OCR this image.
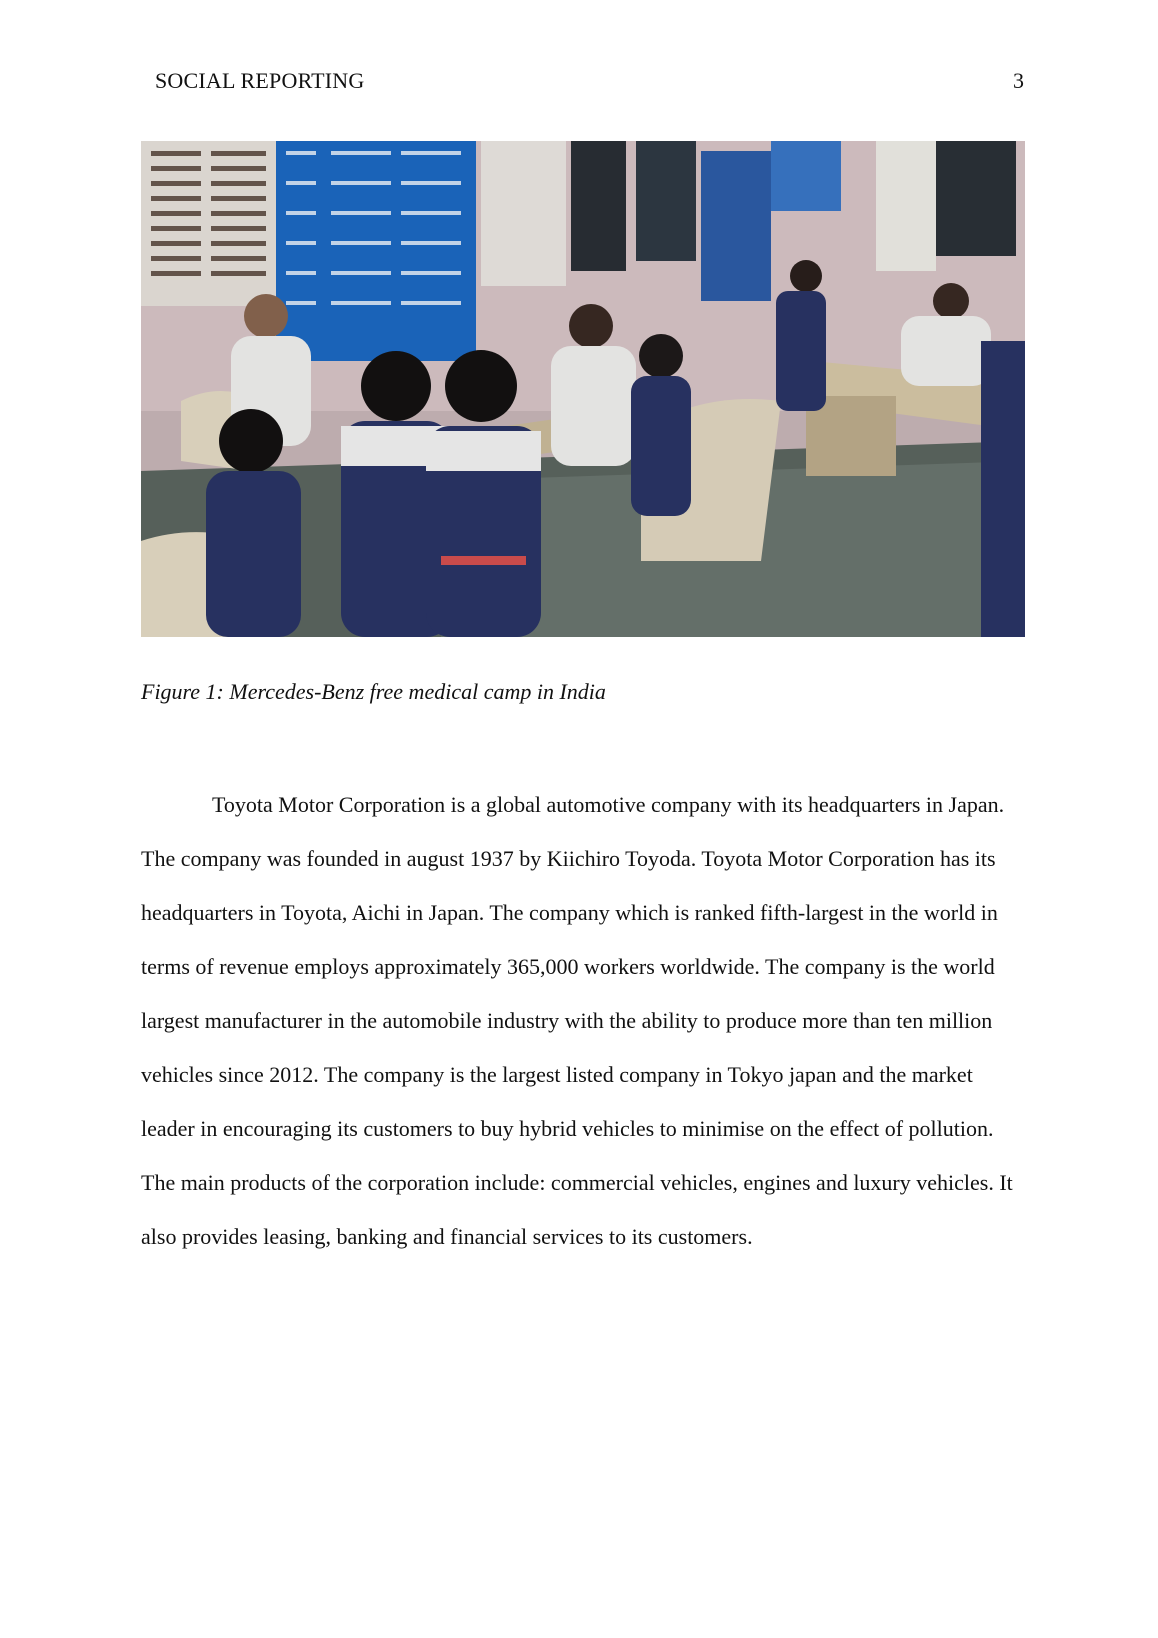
SOCIAL REPORTING	3
Figure 1: Mercedes-Benz free medical camp in India

Toyota Motor Corporation is a global automotive company with its headquarters in Japan. The company was founded in august 1937 by Kiichiro Toyoda. Toyota Motor Corporation has its headquarters in Toyota, Aichi in Japan. The company which is ranked fifth-largest in the world in terms of revenue employs approximately 365,000 workers worldwide. The company is the world largest manufacturer in the automobile industry with the ability to produce more than ten million vehicles since 2012. The company is the largest listed company in Tokyo japan and the market leader in encouraging its customers to buy hybrid vehicles to minimise on the effect of pollution. The main products of the corporation include: commercial vehicles, engines and luxury vehicles. It also provides leasing, banking and financial services to its customers.
